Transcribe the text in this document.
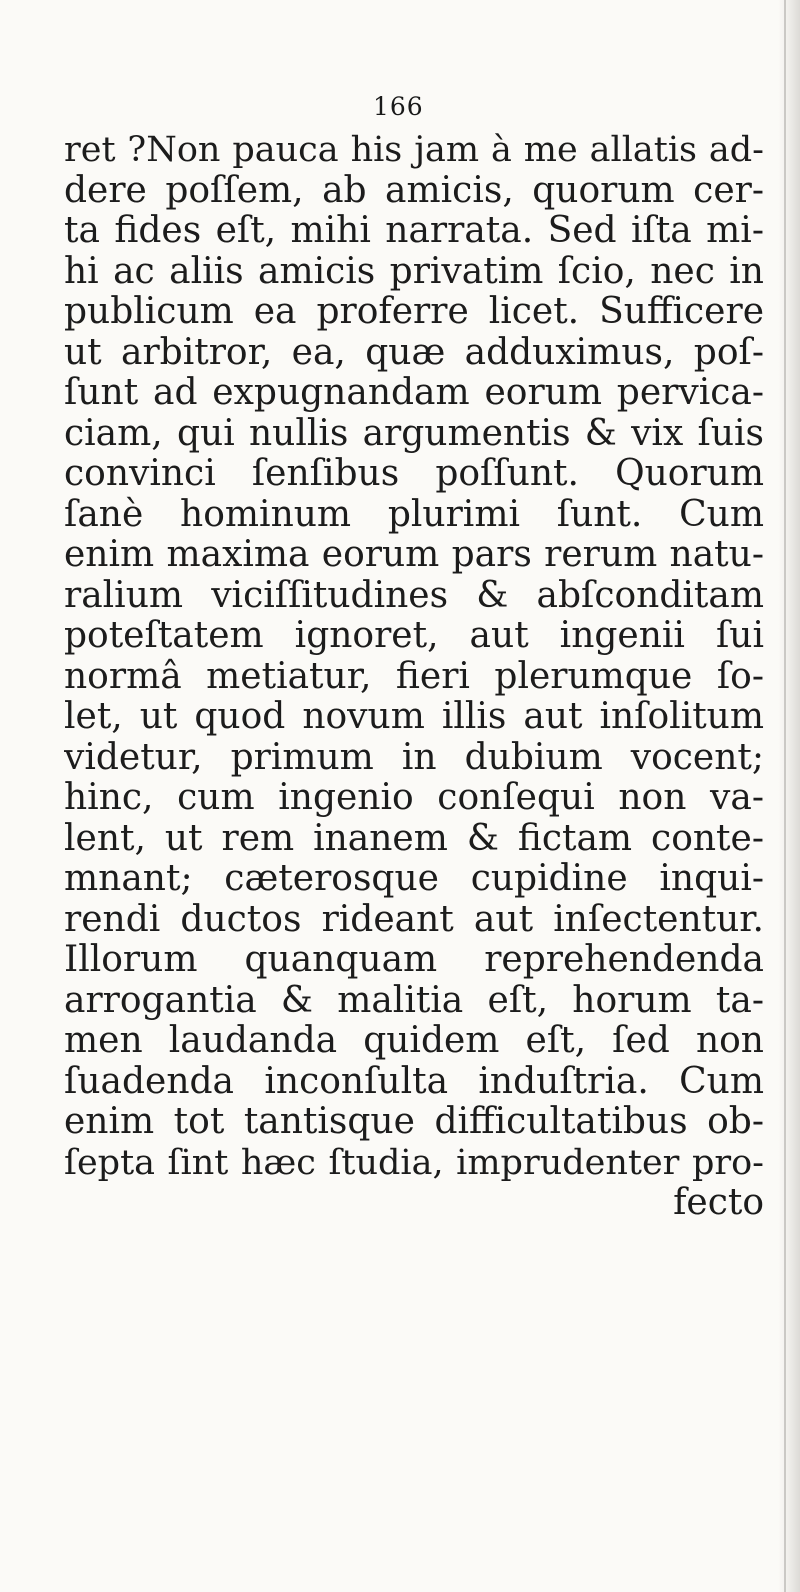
166
ret ?Non pauca his jam à me allatis ad-
dere poſſem, ab amicis, quorum cer-
ta fides eſt, mihi narrata. Sed iſta mi-
hi ac aliis amicis privatim ſcio, nec in
publicum ea proferre licet. Sufficere
ut arbitror, ea, quæ adduximus, poſ-
ſunt ad expugnandam eorum pervica-
ciam, qui nullis argumentis & vix ſuis
convinci ſenſibus poſſunt. Quorum
ſanè hominum plurimi ſunt. Cum
enim maxima eorum pars rerum natu-
ralium viciſſitudines & abſconditam
poteſtatem ignoret, aut ingenii ſui
normâ metiatur, fieri plerumque ſo-
let, ut quod novum illis aut inſolitum
videtur, primum in dubium vocent;
hinc, cum ingenio conſequi non va-
lent, ut rem inanem & fictam conte-
mnant; cæterosque cupidine inqui-
rendi ductos rideant aut inſectentur.
Illorum quanquam reprehendenda
arrogantia & malitia eſt, horum ta-
men laudanda quidem eſt, ſed non
ſuadenda inconſulta induſtria. Cum
enim tot tantisque difficultatibus ob-
ſepta ſint hæc ſtudia, imprudenter pro-
fecto
